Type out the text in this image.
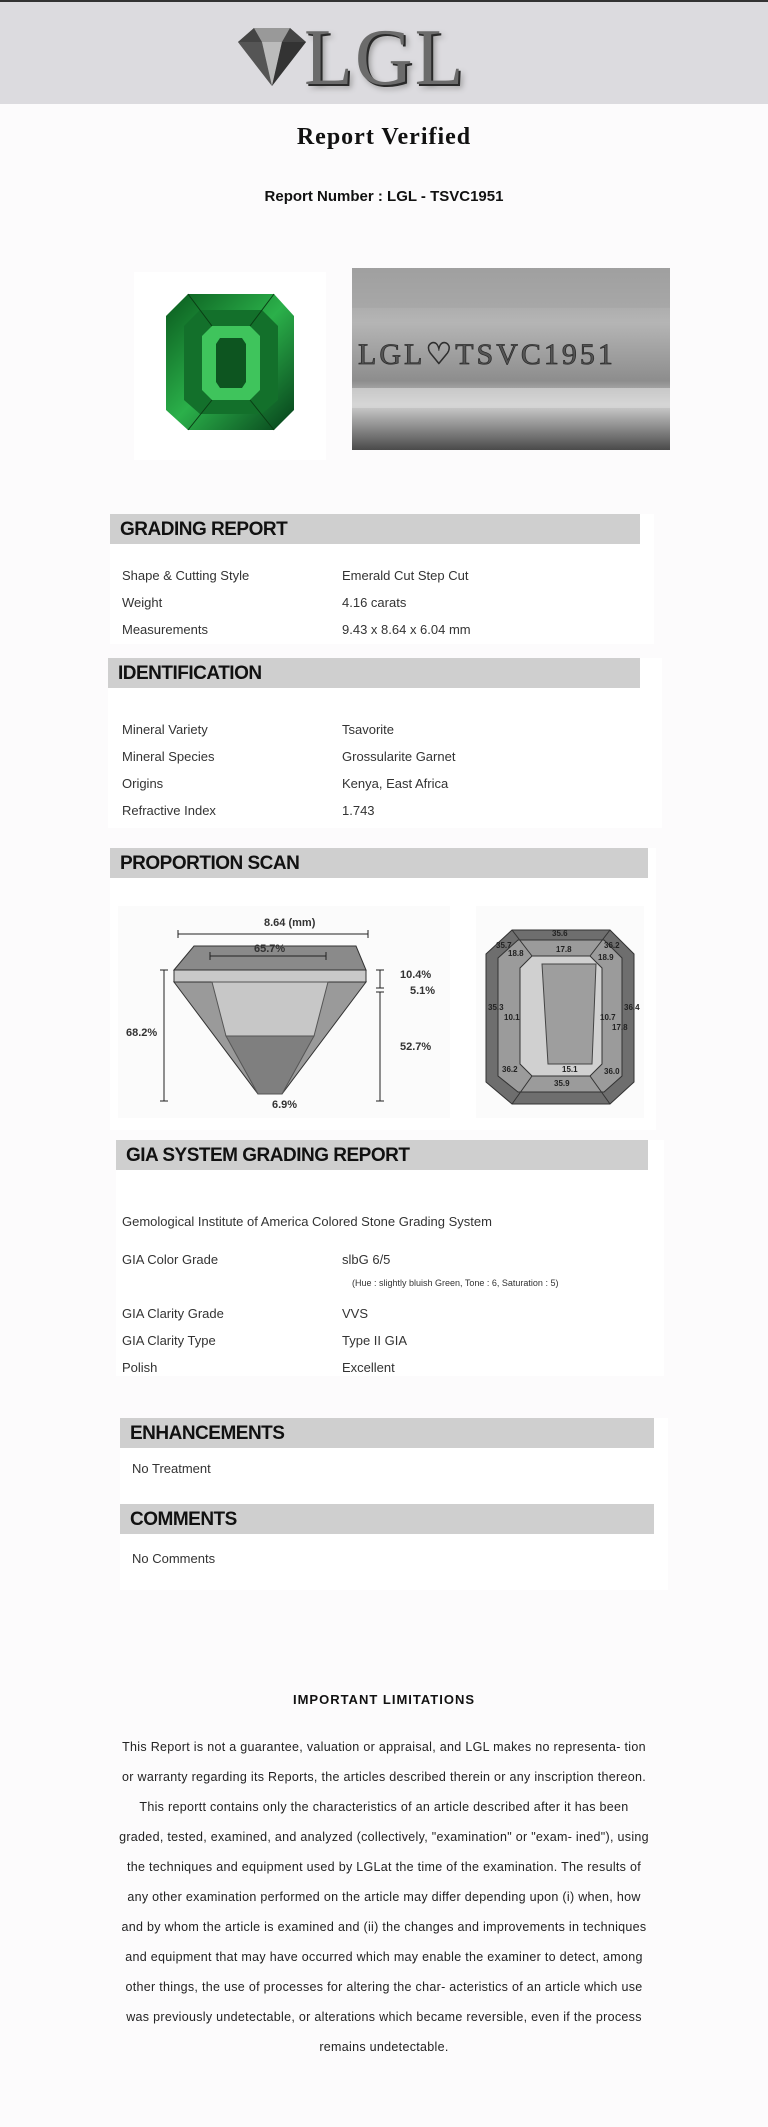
LGL
Report Verified
Report Number : LGL - TSVC1951
LGL♡TSVC1951
GRADING REPORT
Shape & Cutting Style	Emerald Cut Step Cut
Weight	4.16 carats
Measurements	9.43 x 8.64 x 6.04 mm
IDENTIFICATION
Mineral Variety	Tsavorite
Mineral Species	Grossularite Garnet
Origins	Kenya, East Africa
Refractive Index	1.743
PROPORTION SCAN
8.64 (mm)
65.7%
10.4%
5.1%
68.2%
52.7%
6.9%
35.6
35.7	36.2
18.8	17.8
18.9
35.3
10.1	10.7
17.8
36.4
36.2	15.1	36.0
35.9
GIA SYSTEM GRADING REPORT
Gemological Institute of America Colored Stone Grading System
GIA Color Grade	slbG 6/5
(Hue : slightly bluish Green, Tone : 6, Saturation : 5)
GIA Clarity Grade	VVS
GIA Clarity Type	Type II GIA
Polish	Excellent
ENHANCEMENTS
No Treatment
COMMENTS
No Comments
IMPORTANT LIMITATIONS
This Report is not a guarantee, valuation or appraisal, and LGL makes no representa- tion or warranty regarding its Reports, the articles described therein or any inscription thereon. This reportt contains only the characteristics of an article described after it has been graded, tested, examined, and analyzed (collectively, "examination" or "exam- ined"), using the techniques and equipment used by LGLat the time of the examination. The results of any other examination performed on the article may differ depending upon (i) when, how and by whom the article is examined and (ii) the changes and improvements in techniques and equipment that may have occurred which may enable the examiner to detect, among other things, the use of processes for altering the char- acteristics of an article which use was previously undetectable, or alterations which became reversible, even if the process remains undetectable.
